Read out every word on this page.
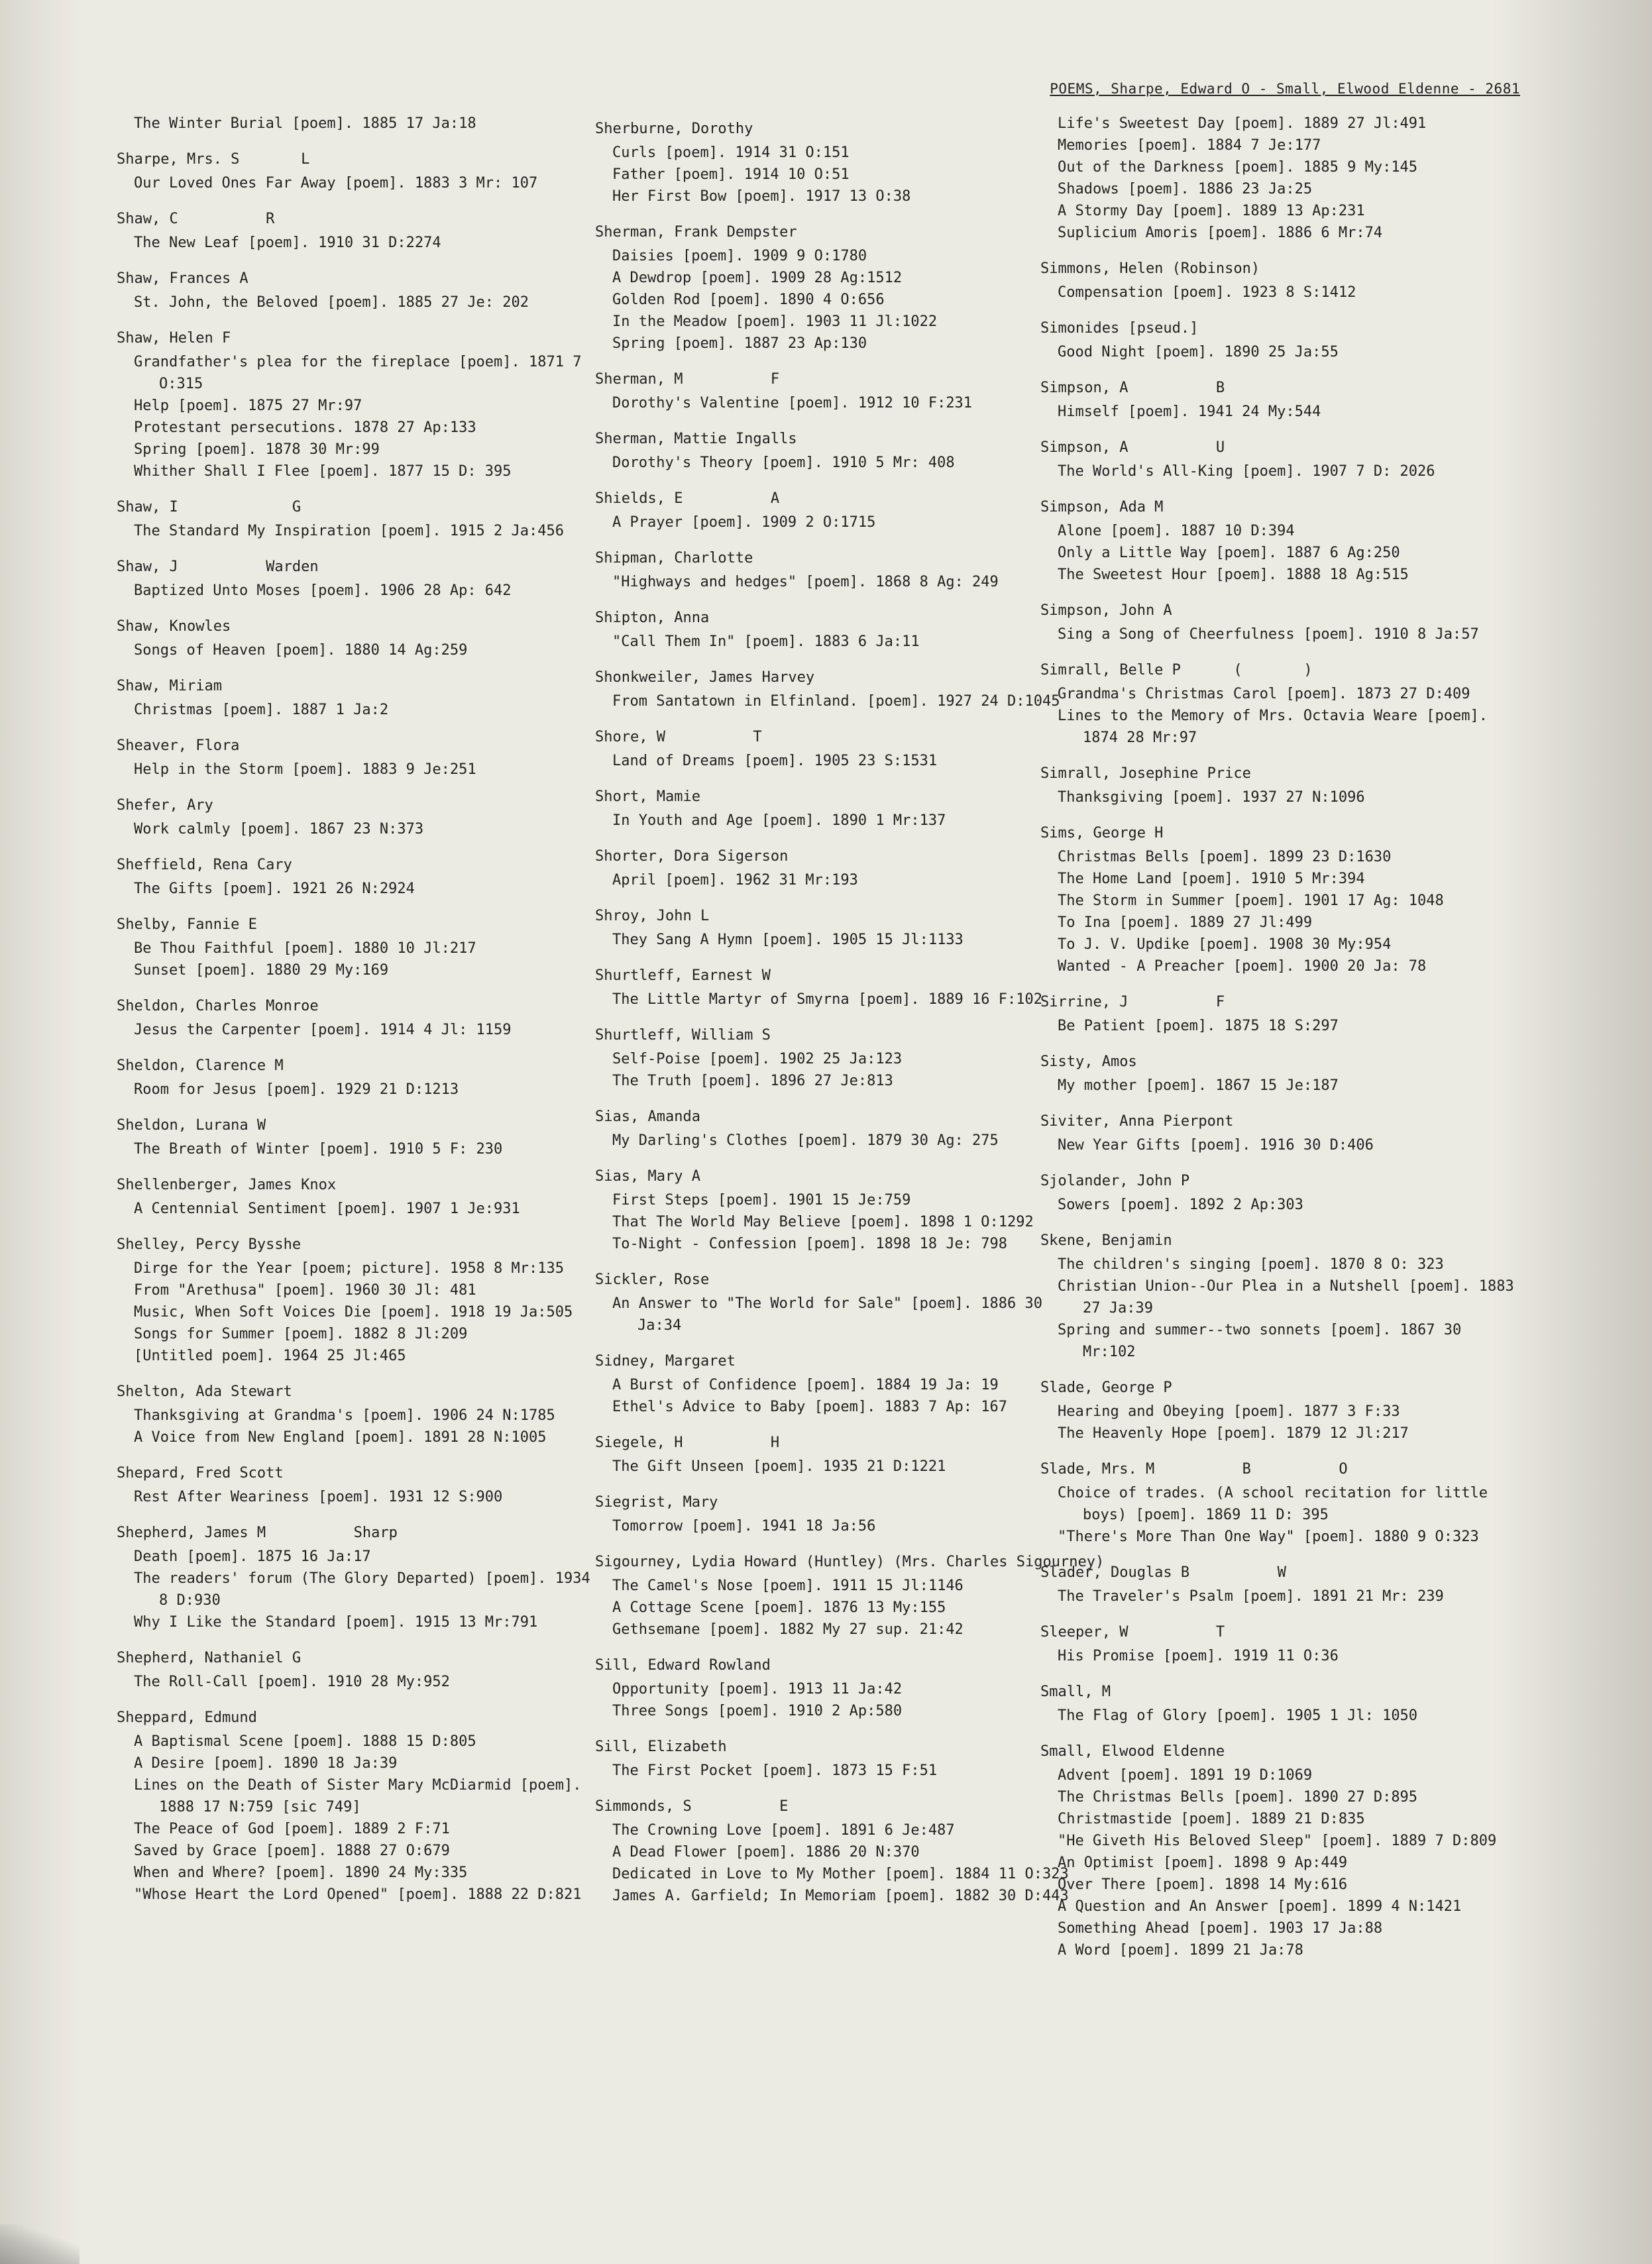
POEMS, Sharpe, Edward O - Small, Elwood Eldenne - 2681
The Winter Burial [poem]. 1885 17 Ja:18
Sharpe, Mrs. S       L
Our Loved Ones Far Away [poem]. 1883 3 Mr: 107
Shaw, C          R
The New Leaf [poem]. 1910 31 D:2274
Shaw, Frances A
St. John, the Beloved [poem]. 1885 27 Je: 202
Shaw, Helen F
Grandfather's plea for the fireplace [poem]. 1871 7 O:315
Help [poem]. 1875 27 Mr:97
Protestant persecutions. 1878 27 Ap:133
Spring [poem]. 1878 30 Mr:99
Whither Shall I Flee [poem]. 1877 15 D: 395
Shaw, I             G
The Standard My Inspiration [poem]. 1915 2 Ja:456
Shaw, J          Warden
Baptized Unto Moses [poem]. 1906 28 Ap: 642
Shaw, Knowles
Songs of Heaven [poem]. 1880 14 Ag:259
Shaw, Miriam
Christmas [poem]. 1887 1 Ja:2
Sheaver, Flora
Help in the Storm [poem]. 1883 9 Je:251
Shefer, Ary
Work calmly [poem]. 1867 23 N:373
Sheffield, Rena Cary
The Gifts [poem]. 1921 26 N:2924
Shelby, Fannie E
Be Thou Faithful [poem]. 1880 10 Jl:217
Sunset [poem]. 1880 29 My:169
Sheldon, Charles Monroe
Jesus the Carpenter [poem]. 1914 4 Jl: 1159
Sheldon, Clarence M
Room for Jesus [poem]. 1929 21 D:1213
Sheldon, Lurana W
The Breath of Winter [poem]. 1910 5 F: 230
Shellenberger, James Knox
A Centennial Sentiment [poem]. 1907 1 Je:931
Shelley, Percy Bysshe
Dirge for the Year [poem; picture]. 1958 8 Mr:135
From "Arethusa" [poem]. 1960 30 Jl: 481
Music, When Soft Voices Die [poem]. 1918 19 Ja:505
Songs for Summer [poem]. 1882 8 Jl:209
[Untitled poem]. 1964 25 Jl:465
Shelton, Ada Stewart
Thanksgiving at Grandma's [poem]. 1906 24 N:1785
A Voice from New England [poem]. 1891 28 N:1005
Shepard, Fred Scott
Rest After Weariness [poem]. 1931 12 S:900
Shepherd, James M          Sharp
Death [poem]. 1875 16 Ja:17
The readers' forum (The Glory Departed) [poem]. 1934 8 D:930
Why I Like the Standard [poem]. 1915 13 Mr:791
Shepherd, Nathaniel G
The Roll-Call [poem]. 1910 28 My:952
Sheppard, Edmund
A Baptismal Scene [poem]. 1888 15 D:805
A Desire [poem]. 1890 18 Ja:39
Lines on the Death of Sister Mary McDiarmid [poem]. 1888 17 N:759 [sic 749]
The Peace of God [poem]. 1889 2 F:71
Saved by Grace [poem]. 1888 27 O:679
When and Where? [poem]. 1890 24 My:335
"Whose Heart the Lord Opened" [poem]. 1888 22 D:821
Sherburne, Dorothy
Curls [poem]. 1914 31 O:151
Father [poem]. 1914 10 O:51
Her First Bow [poem]. 1917 13 O:38
Sherman, Frank Dempster
Daisies [poem]. 1909 9 O:1780
A Dewdrop [poem]. 1909 28 Ag:1512
Golden Rod [poem]. 1890 4 O:656
In the Meadow [poem]. 1903 11 Jl:1022
Spring [poem]. 1887 23 Ap:130
Sherman, M          F
Dorothy's Valentine [poem]. 1912 10 F:231
Sherman, Mattie Ingalls
Dorothy's Theory [poem]. 1910 5 Mr: 408
Shields, E          A
A Prayer [poem]. 1909 2 O:1715
Shipman, Charlotte
"Highways and hedges" [poem]. 1868 8 Ag: 249
Shipton, Anna
"Call Them In" [poem]. 1883 6 Ja:11
Shonkweiler, James Harvey
From Santatown in Elfinland. [poem]. 1927 24 D:1045
Shore, W          T
Land of Dreams [poem]. 1905 23 S:1531
Short, Mamie
In Youth and Age [poem]. 1890 1 Mr:137
Shorter, Dora Sigerson
April [poem]. 1962 31 Mr:193
Shroy, John L
They Sang A Hymn [poem]. 1905 15 Jl:1133
Shurtleff, Earnest W
The Little Martyr of Smyrna [poem]. 1889 16 F:102
Shurtleff, William S
Self-Poise [poem]. 1902 25 Ja:123
The Truth [poem]. 1896 27 Je:813
Sias, Amanda
My Darling's Clothes [poem]. 1879 30 Ag: 275
Sias, Mary A
First Steps [poem]. 1901 15 Je:759
That The World May Believe [poem]. 1898 1 O:1292
To-Night - Confession [poem]. 1898 18 Je: 798
Sickler, Rose
An Answer to "The World for Sale" [poem]. 1886 30 Ja:34
Sidney, Margaret
A Burst of Confidence [poem]. 1884 19 Ja: 19
Ethel's Advice to Baby [poem]. 1883 7 Ap: 167
Siegele, H          H
The Gift Unseen [poem]. 1935 21 D:1221
Siegrist, Mary
Tomorrow [poem]. 1941 18 Ja:56
Sigourney, Lydia Howard (Huntley) (Mrs. Charles Sigourney)
The Camel's Nose [poem]. 1911 15 Jl:1146
A Cottage Scene [poem]. 1876 13 My:155
Gethsemane [poem]. 1882 My 27 sup. 21:42
Sill, Edward Rowland
Opportunity [poem]. 1913 11 Ja:42
Three Songs [poem]. 1910 2 Ap:580
Sill, Elizabeth
The First Pocket [poem]. 1873 15 F:51
Simmonds, S          E
The Crowning Love [poem]. 1891 6 Je:487
A Dead Flower [poem]. 1886 20 N:370
Dedicated in Love to My Mother [poem]. 1884 11 O:323
James A. Garfield; In Memoriam [poem]. 1882 30 D:443
Life's Sweetest Day [poem]. 1889 27 Jl:491
Memories [poem]. 1884 7 Je:177
Out of the Darkness [poem]. 1885 9 My:145
Shadows [poem]. 1886 23 Ja:25
A Stormy Day [poem]. 1889 13 Ap:231
Suplicium Amoris [poem]. 1886 6 Mr:74
Simmons, Helen (Robinson)
Compensation [poem]. 1923 8 S:1412
Simonides [pseud.]
Good Night [poem]. 1890 25 Ja:55
Simpson, A          B
Himself [poem]. 1941 24 My:544
Simpson, A          U
The World's All-King [poem]. 1907 7 D: 2026
Simpson, Ada M
Alone [poem]. 1887 10 D:394
Only a Little Way [poem]. 1887 6 Ag:250
The Sweetest Hour [poem]. 1888 18 Ag:515
Simpson, John A
Sing a Song of Cheerfulness [poem]. 1910 8 Ja:57
Simrall, Belle P      (       )
Grandma's Christmas Carol [poem]. 1873 27 D:409
Lines to the Memory of Mrs. Octavia Weare [poem]. 1874 28 Mr:97
Simrall, Josephine Price
Thanksgiving [poem]. 1937 27 N:1096
Sims, George H
Christmas Bells [poem]. 1899 23 D:1630
The Home Land [poem]. 1910 5 Mr:394
The Storm in Summer [poem]. 1901 17 Ag: 1048
To Ina [poem]. 1889 27 Jl:499
To J. V. Updike [poem]. 1908 30 My:954
Wanted - A Preacher [poem]. 1900 20 Ja: 78
Sirrine, J          F
Be Patient [poem]. 1875 18 S:297
Sisty, Amos
My mother [poem]. 1867 15 Je:187
Siviter, Anna Pierpont
New Year Gifts [poem]. 1916 30 D:406
Sjolander, John P
Sowers [poem]. 1892 2 Ap:303
Skene, Benjamin
The children's singing [poem]. 1870 8 O: 323
Christian Union--Our Plea in a Nutshell [poem]. 1883 27 Ja:39
Spring and summer--two sonnets [poem]. 1867 30 Mr:102
Slade, George P
Hearing and Obeying [poem]. 1877 3 F:33
The Heavenly Hope [poem]. 1879 12 Jl:217
Slade, Mrs. M          B          O
Choice of trades. (A school recitation for little boys) [poem]. 1869 11 D: 395
"There's More Than One Way" [poem]. 1880 9 O:323
Slader, Douglas B          W
The Traveler's Psalm [poem]. 1891 21 Mr: 239
Sleeper, W          T
His Promise [poem]. 1919 11 O:36
Small, M
The Flag of Glory [poem]. 1905 1 Jl: 1050
Small, Elwood Eldenne
Advent [poem]. 1891 19 D:1069
The Christmas Bells [poem]. 1890 27 D:895
Christmastide [poem]. 1889 21 D:835
"He Giveth His Beloved Sleep" [poem]. 1889 7 D:809
An Optimist [poem]. 1898 9 Ap:449
Over There [poem]. 1898 14 My:616
A Question and An Answer [poem]. 1899 4 N:1421
Something Ahead [poem]. 1903 17 Ja:88
A Word [poem]. 1899 21 Ja:78
